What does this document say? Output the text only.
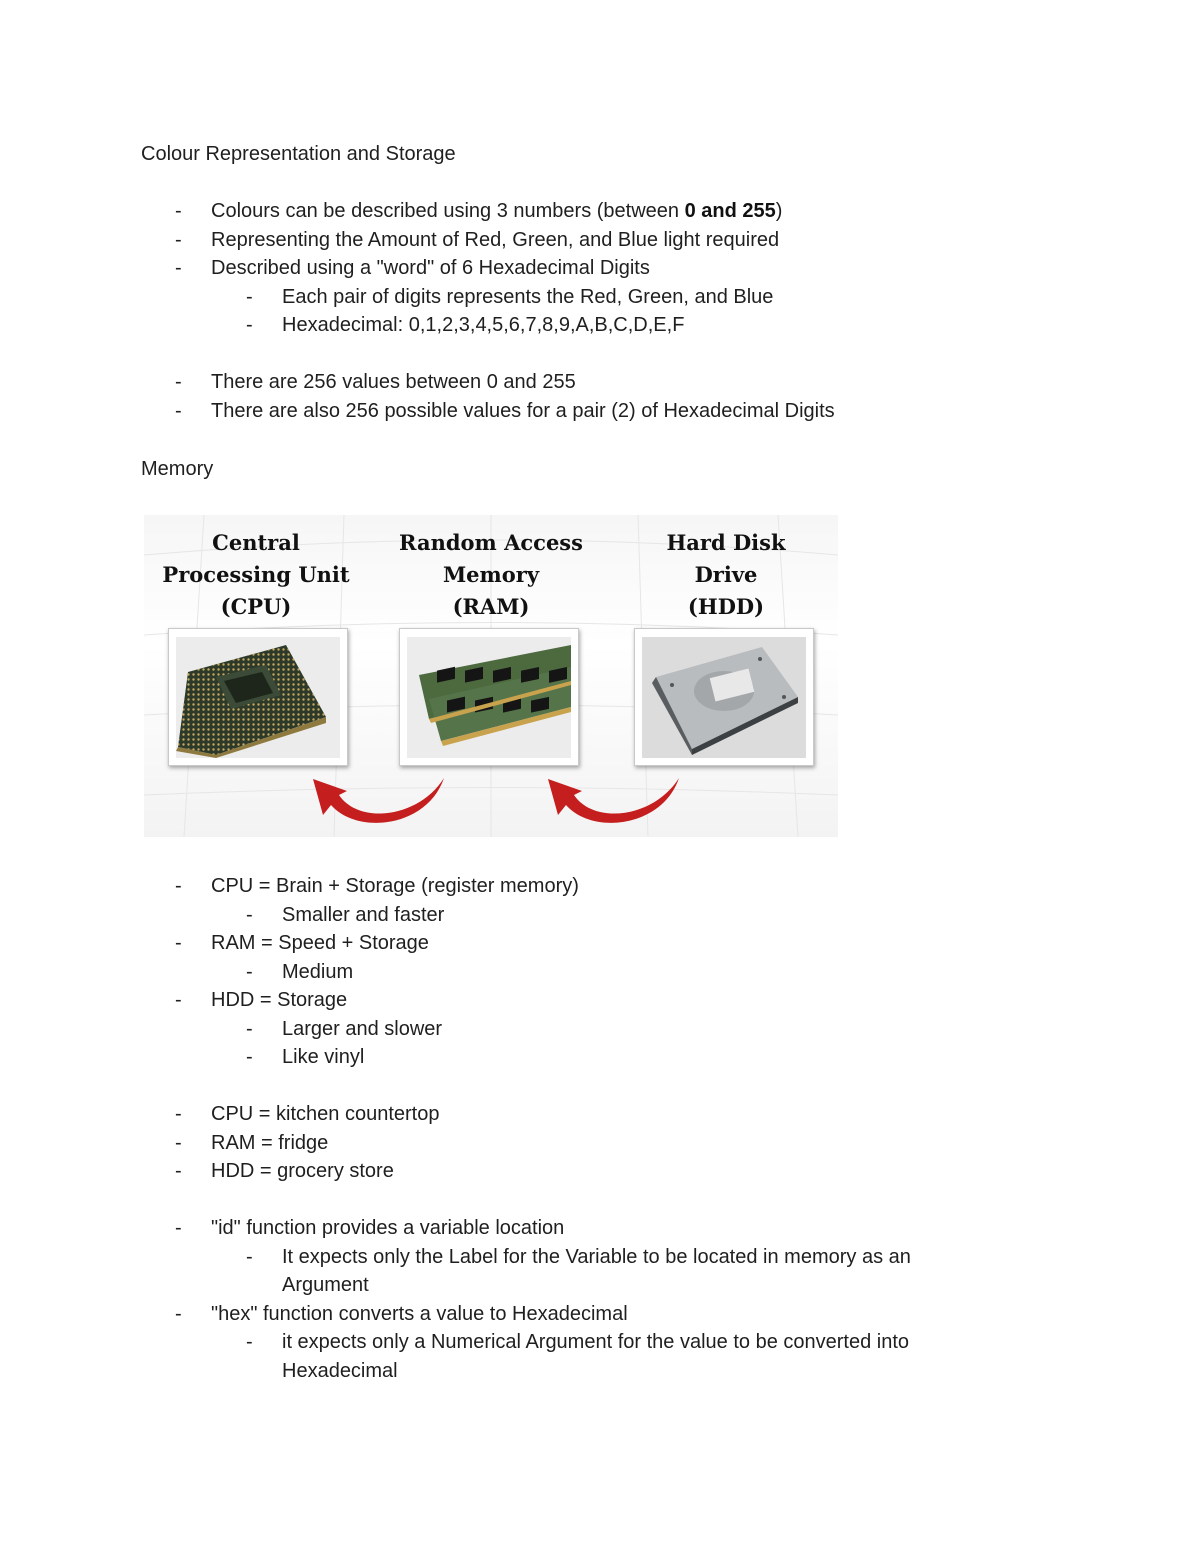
Colour Representation and Storage
- Colours can be described using 3 numbers (between 0 and 255)
- Representing the Amount of Red, Green, and Blue light required
- Described using a "word" of 6 Hexadecimal Digits
- Each pair of digits represents the Red, Green, and Blue
- Hexadecimal: 0,1,2,3,4,5,6,7,8,9,A,B,C,D,E,F
- There are 256 values between 0 and 255
- There are also 256 possible values for a pair (2) of Hexadecimal Digits
Memory
Central
Processing Unit
(CPU)
Random Access
Memory
(RAM)
Hard Disk
Drive
(HDD)
- CPU = Brain + Storage (register memory)
- Smaller and faster
- RAM = Speed + Storage
- Medium
- HDD = Storage
- Larger and slower
- Like vinyl
- CPU = kitchen countertop
- RAM = fridge
- HDD = grocery store
- "id" function provides a variable location
- It expects only the Label for the Variable to be located in memory as an Argument
- "hex" function converts a value to Hexadecimal
- it expects only a Numerical Argument for the value to be converted into Hexadecimal
